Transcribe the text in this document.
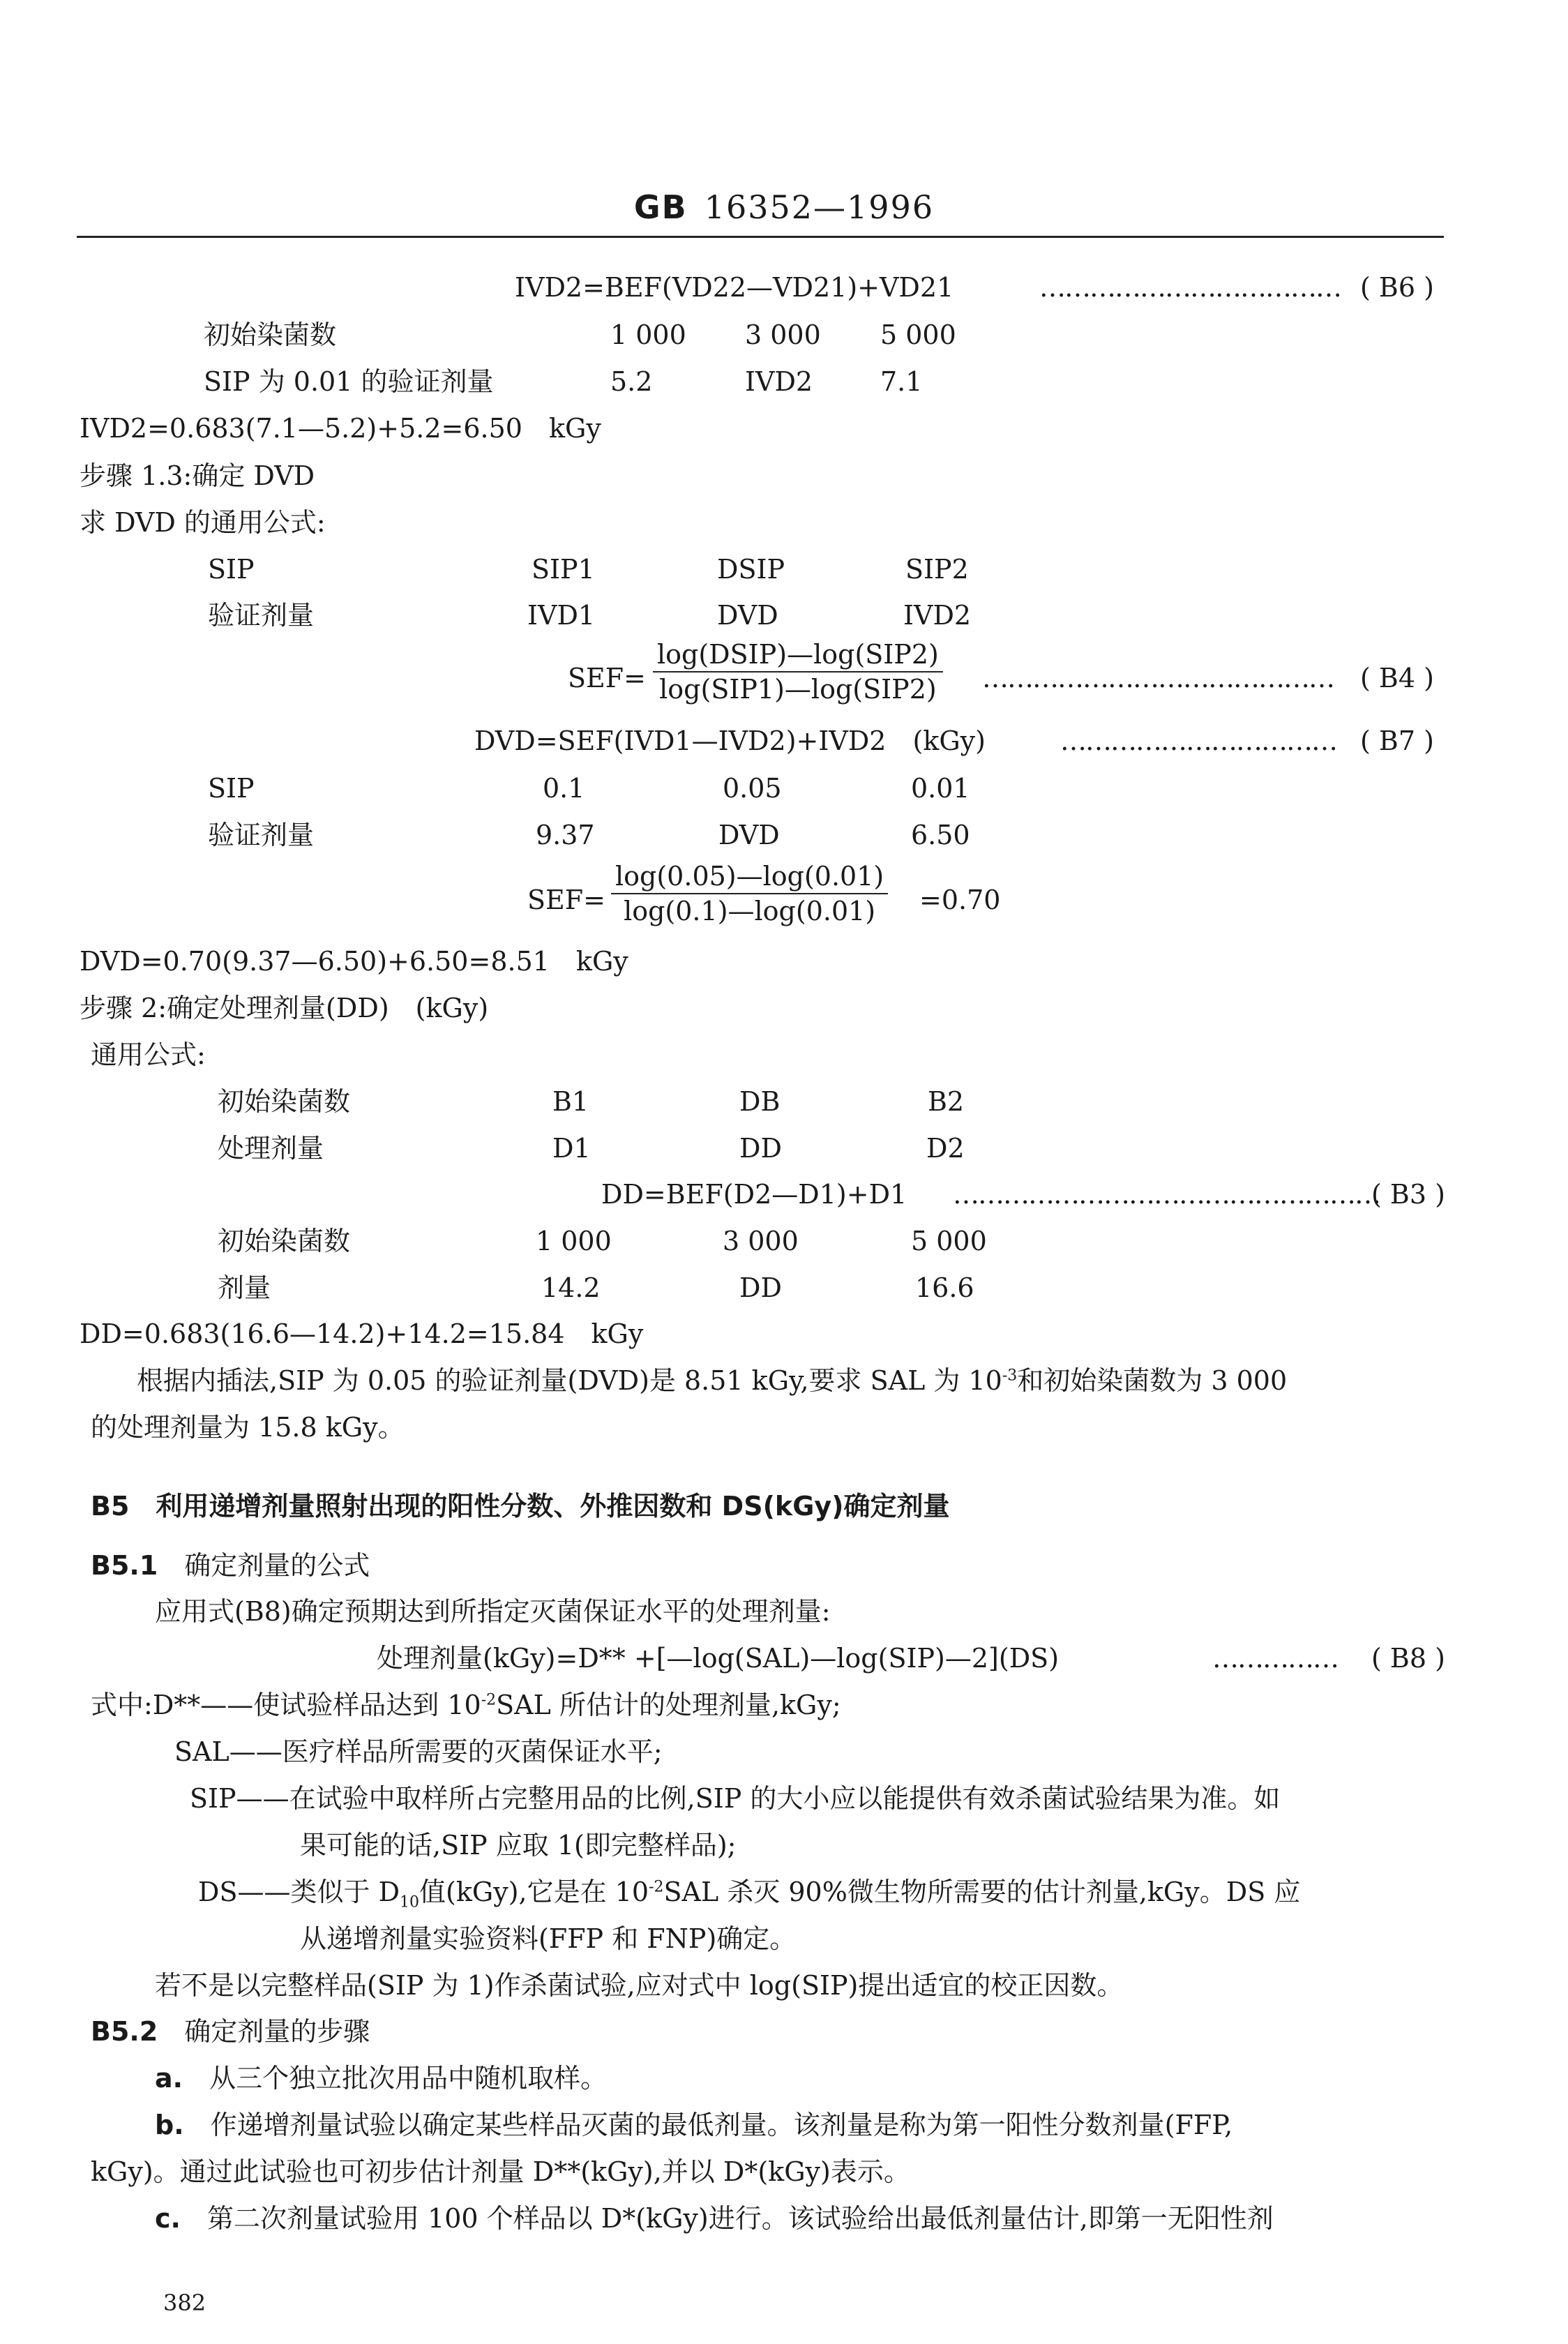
GB 16352—1996
IVD2=BEF(VD22—VD21)+VD21	……………………………… ( B6 )
初始染菌数	1 000 3 000 5 000
SIP 为 0.01 的验证剂量	5.2	IVD2	7.1
IVD2=0.683(7.1—5.2)+5.2=6.50　kGy
步骤 1.3:确定 DVD
求 DVD 的通用公式:
SIP	SIP1	DSIP	SIP2
验证剂量	IVD1	DVD	IVD2
SEF=
log(DSIP)—log(SIP2)
log(SIP1)—log(SIP2) …………………………………… ( B4 )
DVD=SEF(IVD1—IVD2)+IVD2　(kGy)	…………………………… ( B7 )
SIP	0.1	0.05	0.01
验证剂量	9.37	DVD	6.50
SEF=
log(0.05)—log(0.01)
log(0.1)—log(0.01)	=0.70
DVD=0.70(9.37—6.50)+6.50=8.51　kGy
步骤 2:确定处理剂量(DD)　(kGy)
通用公式:
初始染菌数	B1	DB	B2
处理剂量	D1	DD	D2
DD=BEF(D2—D1)+D1 ……………………………………………
( B3 )
初始染菌数	1 000	3 000	5 000
剂量	14.2	DD	16.6
DD=0.683(16.6—14.2)+14.2=15.84　kGy
根据内插法,SIP 为 0.05 的验证剂量(DVD)是 8.51 kGy,要求 SAL 为 $10^{-3}$和初始染菌数为 3 000
的处理剂量为 15.8 kGy。
B5　 利用递增剂量照射出现的阳性分数、外推因数和 DS(kGy)确定剂量
B5.1　 确定剂量的公式
应用式(B8)确定预期达到所指定灭菌保证水平的处理剂量:
处理剂量(kGy)=D** +[—log(SAL)—log(SIP)—2](DS)	…………… ( B8 )
式中:D**——使试验样品达到 $10^{-2}SAL$ 所估计的处理剂量,kGy;
SAL——医疗样品所需要的灭菌保证水平;
SIP——在试验中取样所占完整用品的比例,SIP 的大小应以能提供有效杀菌试验结果为准。如
果可能的话,SIP 应取 1(即完整样品);
DS——类似于 $D_{10}$值(kGy),它是在 $10^{-2}SAL$ 杀灭 90%微生物所需要的估计剂量,kGy。DS 应
从递增剂量实验资料(FFP 和 FNP)确定。
若不是以完整样品(SIP 为 1)作杀菌试验,应对式中 log(SIP)提出适宜的校正因数。
B5.2　 确定剂量的步骤
a.　 从三个独立批次用品中随机取样。
b.　 作递增剂量试验以确定某些样品灭菌的最低剂量。该剂量是称为第一阳性分数剂量(FFP,
kGy)。通过此试验也可初步估计剂量 D**(kGy),并以 D*(kGy)表示。
c.　 第二次剂量试验用 100 个样品以 D*(kGy)进行。该试验给出最低剂量估计,即第一无阳性剂
382
